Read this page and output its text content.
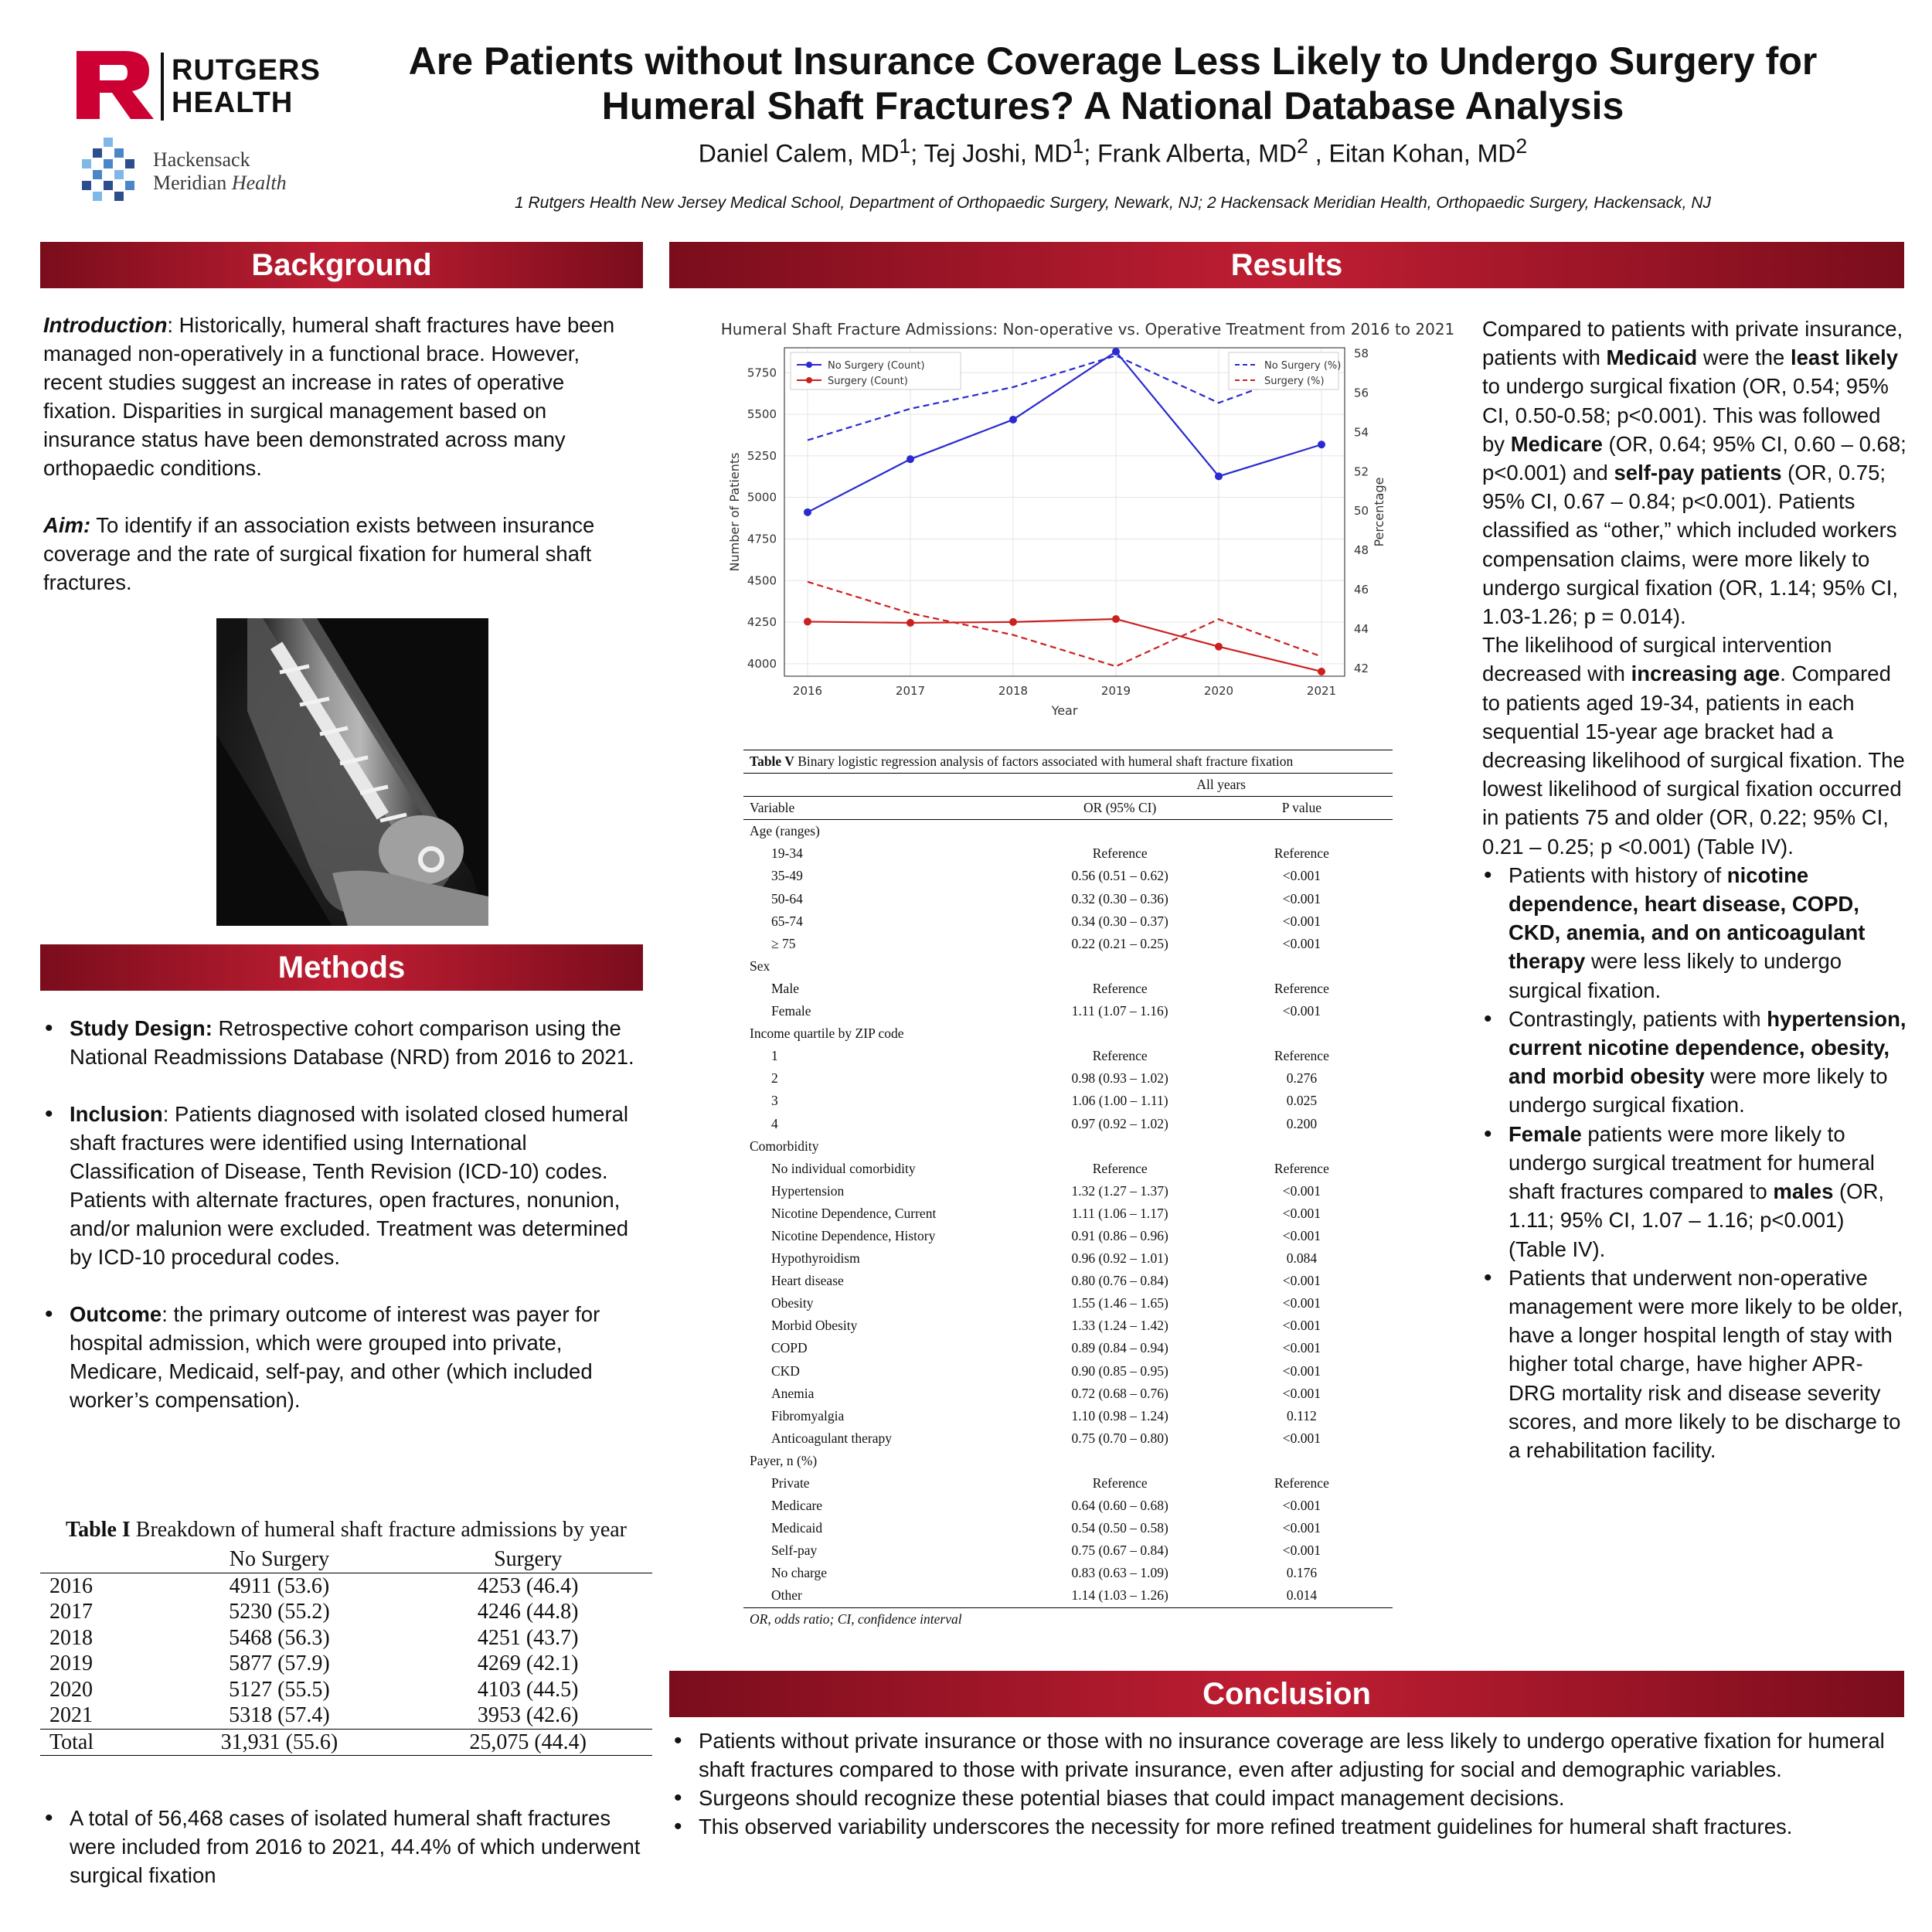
RUTGERS
HEALTH
Hackensack
Meridian Health
Are Patients without Insurance Coverage Less Likely to Undergo Surgery for
Humeral Shaft Fractures? A National Database Analysis
Daniel Calem, $MD^1$; Tej Joshi, $MD^1$; Frank Alberta, $MD^2$ , Eitan Kohan, $MD^2$
1 Rutgers Health New Jersey Medical School, Department of Orthopaedic Surgery, Newark, NJ; 2 Hackensack Meridian Health, Orthopaedic Surgery, Hackensack, NJ
Background

Introduction: Historically, humeral shaft fractures have been managed non-operatively in a functional brace. However, recent studies suggest an increase in rates of operative fixation. Disparities in surgical management based on insurance status have been demonstrated across many orthopaedic conditions.

Aim: To identify if an association exists between insurance coverage and the rate of surgical fixation for humeral shaft fractures.

Methods
• Study Design: Retrospective cohort comparison using the National Readmissions Database (NRD) from 2016 to 2021.
• Inclusion: Patients diagnosed with isolated closed humeral shaft fractures were identified using International Classification of Disease, Tenth Revision (ICD-10) codes. Patients with alternate fractures, open fractures, nonunion, and/or malunion were excluded. Treatment was determined by ICD-10 procedural codes.
• Outcome: the primary outcome of interest was payer for hospital admission, which were grouped into private, Medicare, Medicaid, self-pay, and other (which included worker’s compensation).
Table I Breakdown of humeral shaft fracture admissions by year
	No Surgery	Surgery
2016	4911 (53.6)	4253 (46.4)
2017	5230 (55.2)	4246 (44.8)
2018	5468 (56.3)	4251 (43.7)
2019	5877 (57.9)	4269 (42.1)
2020	5127 (55.5)	4103 (44.5)
2021	5318 (57.4)	3953 (42.6)
Total	31,931 (55.6)	25,075 (44.4)
• A total of 56,468 cases of isolated humeral shaft fractures were included from 2016 to 2021, 44.4% of which underwent surgical fixation
Results
Humeral Shaft Fracture Admissions: Non-operative vs. Operative Treatment from 2016 to 2021
4000
4250
4500
4750
5000
5250
5500
5750
2016	2017	2018	2019	2020	2021
42
44
46
48
50
52
54
56
58
Year
Number of Patients	Percentage
No Surgery (Count)
Surgery (Count)
No Surgery (%)
Surgery (%)
Table V Binary logistic regression analysis of factors associated with humeral shaft fracture fixation		
All years		
Variable	OR (95% CI)	P value
Age (ranges)		
19-34	Reference	Reference
35-49	0.56 (0.51 – 0.62)	<0.001
50-64	0.32 (0.30 – 0.36)	<0.001
65-74	0.34 (0.30 – 0.37)	<0.001
≥ 75	0.22 (0.21 – 0.25)	<0.001
Sex		
Male	Reference	Reference
Female	1.11 (1.07 – 1.16)	<0.001
Income quartile by ZIP code		
1	Reference	Reference
2	0.98 (0.93 – 1.02)	0.276
3	1.06 (1.00 – 1.11)	0.025
4	0.97 (0.92 – 1.02)	0.200
Comorbidity		
No individual comorbidity	Reference	Reference
Hypertension	1.32 (1.27 – 1.37)	<0.001
Nicotine Dependence, Current	1.11 (1.06 – 1.17)	<0.001
Nicotine Dependence, History	0.91 (0.86 – 0.96)	<0.001
Hypothyroidism	0.96 (0.92 – 1.01)	0.084
Heart disease	0.80 (0.76 – 0.84)	<0.001
Obesity	1.55 (1.46 – 1.65)	<0.001
Morbid Obesity	1.33 (1.24 – 1.42)	<0.001
COPD	0.89 (0.84 – 0.94)	<0.001
CKD	0.90 (0.85 – 0.95)	<0.001
Anemia	0.72 (0.68 – 0.76)	<0.001
Fibromyalgia	1.10 (0.98 – 1.24)	0.112
Anticoagulant therapy	0.75 (0.70 – 0.80)	<0.001
Payer, n (%)		
Private	Reference	Reference
Medicare	0.64 (0.60 – 0.68)	<0.001
Medicaid	0.54 (0.50 – 0.58)	<0.001
Self-pay	0.75 (0.67 – 0.84)	<0.001
No charge	0.83 (0.63 – 1.09)	0.176
Other	1.14 (1.03 – 1.26)	0.014
OR, odds ratio; CI, confidence interval		
Compared to patients with private insurance, patients with Medicaid were the least likely to undergo surgical fixation (OR, 0.54; 95% CI, 0.50-0.58; p<0.001). This was followed by Medicare (OR, 0.64; 95% CI, 0.60 – 0.68; p<0.001) and self-pay patients (OR, 0.75; 95% CI, 0.67 – 0.84; p<0.001). Patients classified as “other,” which included workers compensation claims, were more likely to undergo surgical fixation (OR, 1.14; 95% CI, 1.03-1.26; p = 0.014).
The likelihood of surgical intervention decreased with increasing age. Compared to patients aged 19-34, patients in each sequential 15-year age bracket had a decreasing likelihood of surgical fixation. The lowest likelihood of surgical fixation occurred in patients 75 and older (OR, 0.22; 95% CI, 0.21 – 0.25; p <0.001) (Table IV).
• Patients with history of nicotine dependence, heart disease, COPD, CKD, anemia, and on anticoagulant therapy were less likely to undergo surgical fixation.
• Contrastingly, patients with hypertension, current nicotine dependence, obesity, and morbid obesity were more likely to undergo surgical fixation.
• Female patients were more likely to undergo surgical treatment for humeral shaft fractures compared to males (OR, 1.11; 95% CI, 1.07 – 1.16; p<0.001) (Table IV).
• Patients that underwent non-operative management were more likely to be older, have a longer hospital length of stay with higher total charge, have higher APR-DRG mortality risk and disease severity scores, and more likely to be discharge to a rehabilitation facility.
Conclusion
• Patients without private insurance or those with no insurance coverage are less likely to undergo operative fixation for humeral shaft fractures compared to those with private insurance, even after adjusting for social and demographic variables.
• Surgeons should recognize these potential biases that could impact management decisions.
• This observed variability underscores the necessity for more refined treatment guidelines for humeral shaft fractures.
